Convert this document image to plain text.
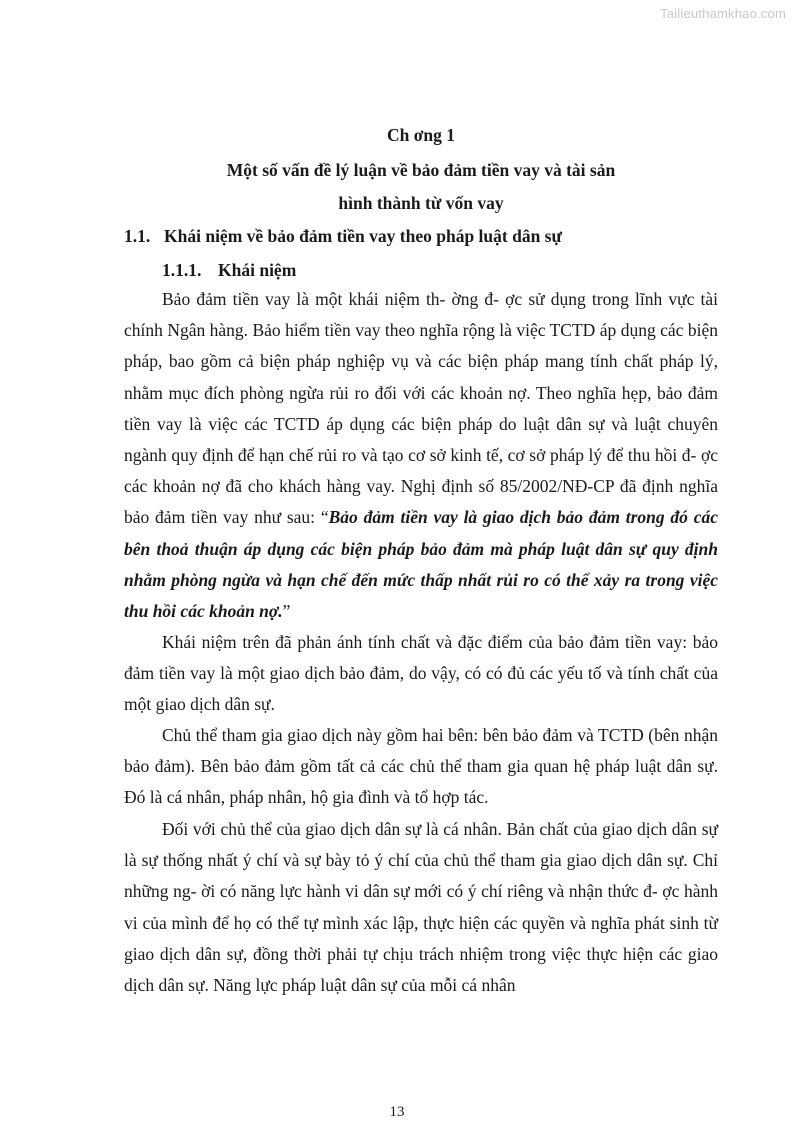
Tailieuthamkhao.com
Ch ơng 1
Một số vấn đề lý luận về bảo đảm tiền vay và tài sản
hình thành từ vốn vay
1.1. Khái niệm về bảo đảm tiền vay theo pháp luật dân sự
1.1.1. Khái niệm

Bảo đảm tiền vay là một khái niệm th- ờng đ- ợc sử dụng trong lĩnh vực tài chính Ngân hàng. Bảo hiểm tiền vay theo nghĩa rộng là việc TCTD áp dụng các biện pháp, bao gồm cả biện pháp nghiệp vụ và các biện pháp mang tính chất pháp lý, nhằm mục đích phòng ngừa rủi ro đối với các khoản nợ. Theo nghĩa hẹp, bảo đảm tiền vay là việc các TCTD áp dụng các biện pháp do luật dân sự và luật chuyên ngành quy định để hạn chế rủi ro và tạo cơ sở kinh tế, cơ sở pháp lý để thu hồi đ- ợc các khoản nợ đã cho khách hàng vay. Nghị định số 85/2002/NĐ-CP đã định nghĩa bảo đảm tiền vay như sau: “Bảo đảm tiền vay là giao dịch bảo đảm trong đó các bên thoả thuận áp dụng các biện pháp bảo đảm mà pháp luật dân sự quy định nhằm phòng ngừa và hạn chế đến mức thấp nhất rủi ro có thể xảy ra trong việc thu hồi các khoản nợ.”

Khái niệm trên đã phản ánh tính chất và đặc điểm của bảo đảm tiền vay: bảo đảm tiền vay là một giao dịch bảo đảm, do vậy, có có đủ các yếu tố và tính chất của một giao dịch dân sự.

Chủ thể tham gia giao dịch này gồm hai bên: bên bảo đảm và TCTD (bên nhận bảo đảm). Bên bảo đảm gồm tất cả các chủ thể tham gia quan hệ pháp luật dân sự. Đó là cá nhân, pháp nhân, hộ gia đình và tổ hợp tác.

Đối với chủ thể của giao dịch dân sự là cá nhân. Bản chất của giao dịch dân sự là sự thống nhất ý chí và sự bày tỏ ý chí của chủ thể tham gia giao dịch dân sự. Chỉ những ng- ời có năng lực hành vi dân sự mới có ý chí riêng và nhận thức đ- ợc hành vi của mình để họ có thể tự mình xác lập, thực hiện các quyền và nghĩa phát sinh từ giao dịch dân sự, đồng thời phải tự chịu trách nhiệm trong việc thực hiện các giao dịch dân sự. Năng lực pháp luật dân sự của mỗi cá nhân

13
